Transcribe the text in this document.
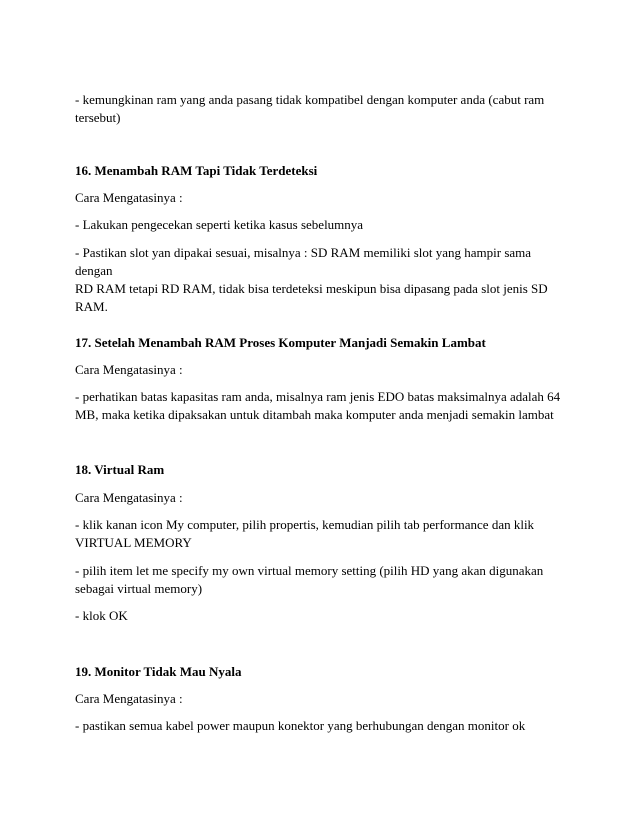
- kemungkinan ram yang anda pasang tidak kompatibel dengan komputer anda (cabut ram
tersebut)

16. Menambah RAM Tapi Tidak Terdeteksi

Cara Mengatasinya :

- Lakukan pengecekan seperti ketika kasus sebelumnya

- Pastikan slot yan dipakai sesuai, misalnya : SD RAM memiliki slot yang hampir sama dengan
RD RAM tetapi RD RAM, tidak bisa terdeteksi meskipun bisa dipasang pada slot jenis SD
RAM.

17. Setelah Menambah RAM Proses Komputer Manjadi Semakin Lambat

Cara Mengatasinya :

- perhatikan batas kapasitas ram anda, misalnya ram jenis EDO batas maksimalnya adalah 64
MB, maka ketika dipaksakan untuk ditambah maka komputer anda menjadi semakin lambat

18. Virtual Ram

Cara Mengatasinya :

- klik kanan icon My computer, pilih propertis, kemudian pilih tab performance dan klik
VIRTUAL MEMORY

- pilih item let me specify my own virtual memory setting (pilih HD yang akan digunakan
sebagai virtual memory)

- klok OK

19. Monitor Tidak Mau Nyala

Cara Mengatasinya :

- pastikan semua kabel power maupun konektor yang berhubungan dengan monitor ok
